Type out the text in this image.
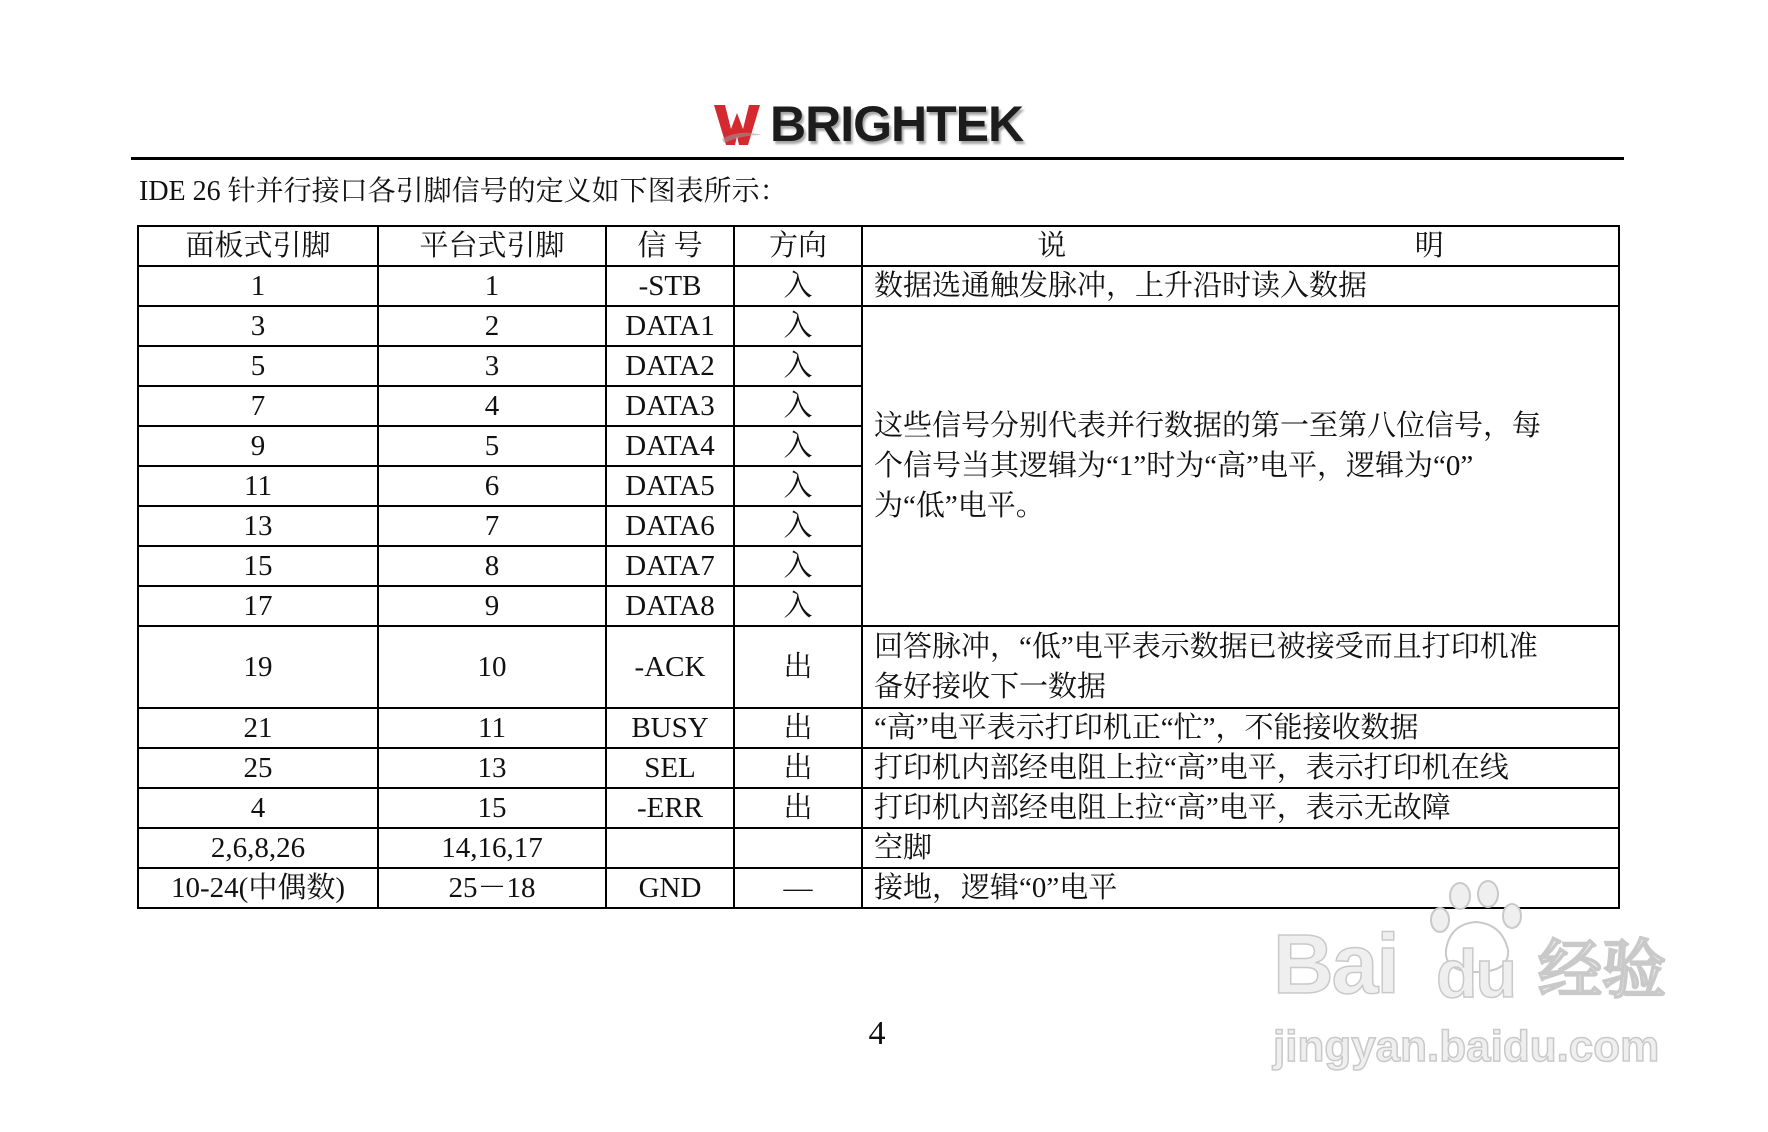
BRIGHTEK
IDE 26 针并行接口各引脚信号的定义如下图表所示：
面板式引脚	平台式引脚	信 号	方向	说 明

1	1	-STB	入	数据选通触发脉冲，上升沿时读入数据
3	2	DATA1	入	这些信号分别代表并行数据的第一至第八位信号，每
个信号当其逻辑为“1”时为“高”电平，逻辑为“0”
为“低”电平。

5	3	DATA2	入	
7	4	DATA3	入	
9	5	DATA4	入	
11	6	DATA5	入	
13	7	DATA6	入	
15	8	DATA7	入	
17	9	DATA8	入	
19	10	-ACK	出	回答脉冲，“低”电平表示数据已被接受而且打印机准
备好接收下一数据

21	11	BUSY	出	“高”电平表示打印机正“忙”，不能接收数据
25	13	SEL	出	打印机内部经电阻上拉“高”电平，表示打印机在线
4	15	-ERR	出	打印机内部经电阻上拉“高”电平，表示无故障
2,6,8,26	14,16,17			空脚
10-24(中偶数)	25－18	GND	—	接地，逻辑“0”电平
4
Bai du 经验
jingyan.baidu.com
